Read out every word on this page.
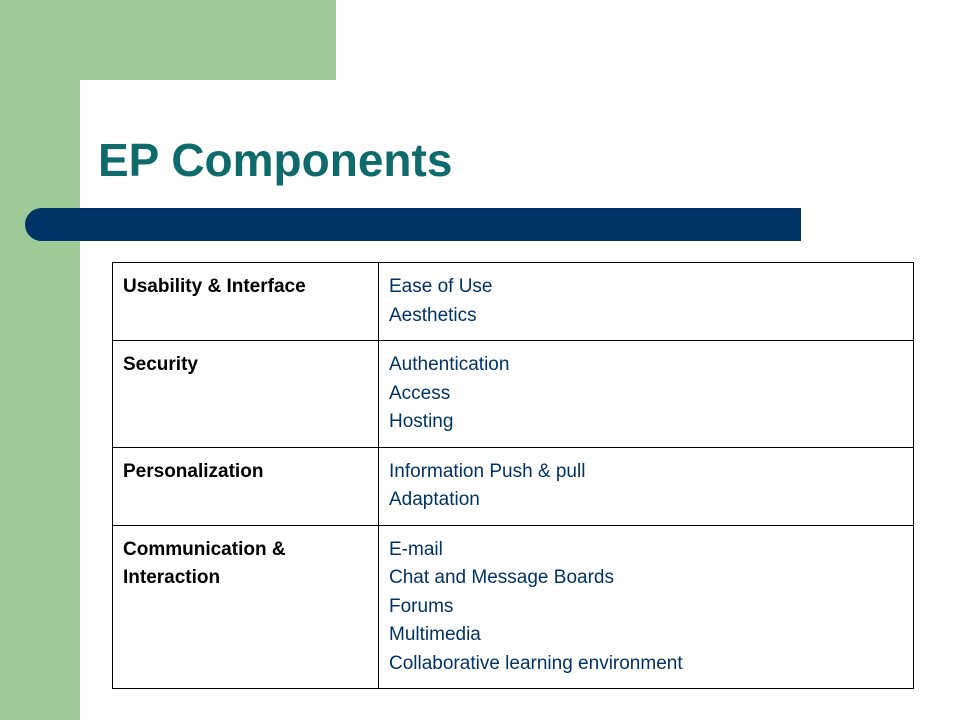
EP Components
Usability & Interface	Ease of Use
Aesthetics

Security	Authentication
Access
Hosting

Personalization	Information Push & pull
Adaptation

Communication & Interaction	E-mail
Chat and Message Boards
Forums
Multimedia
Collaborative learning environment
